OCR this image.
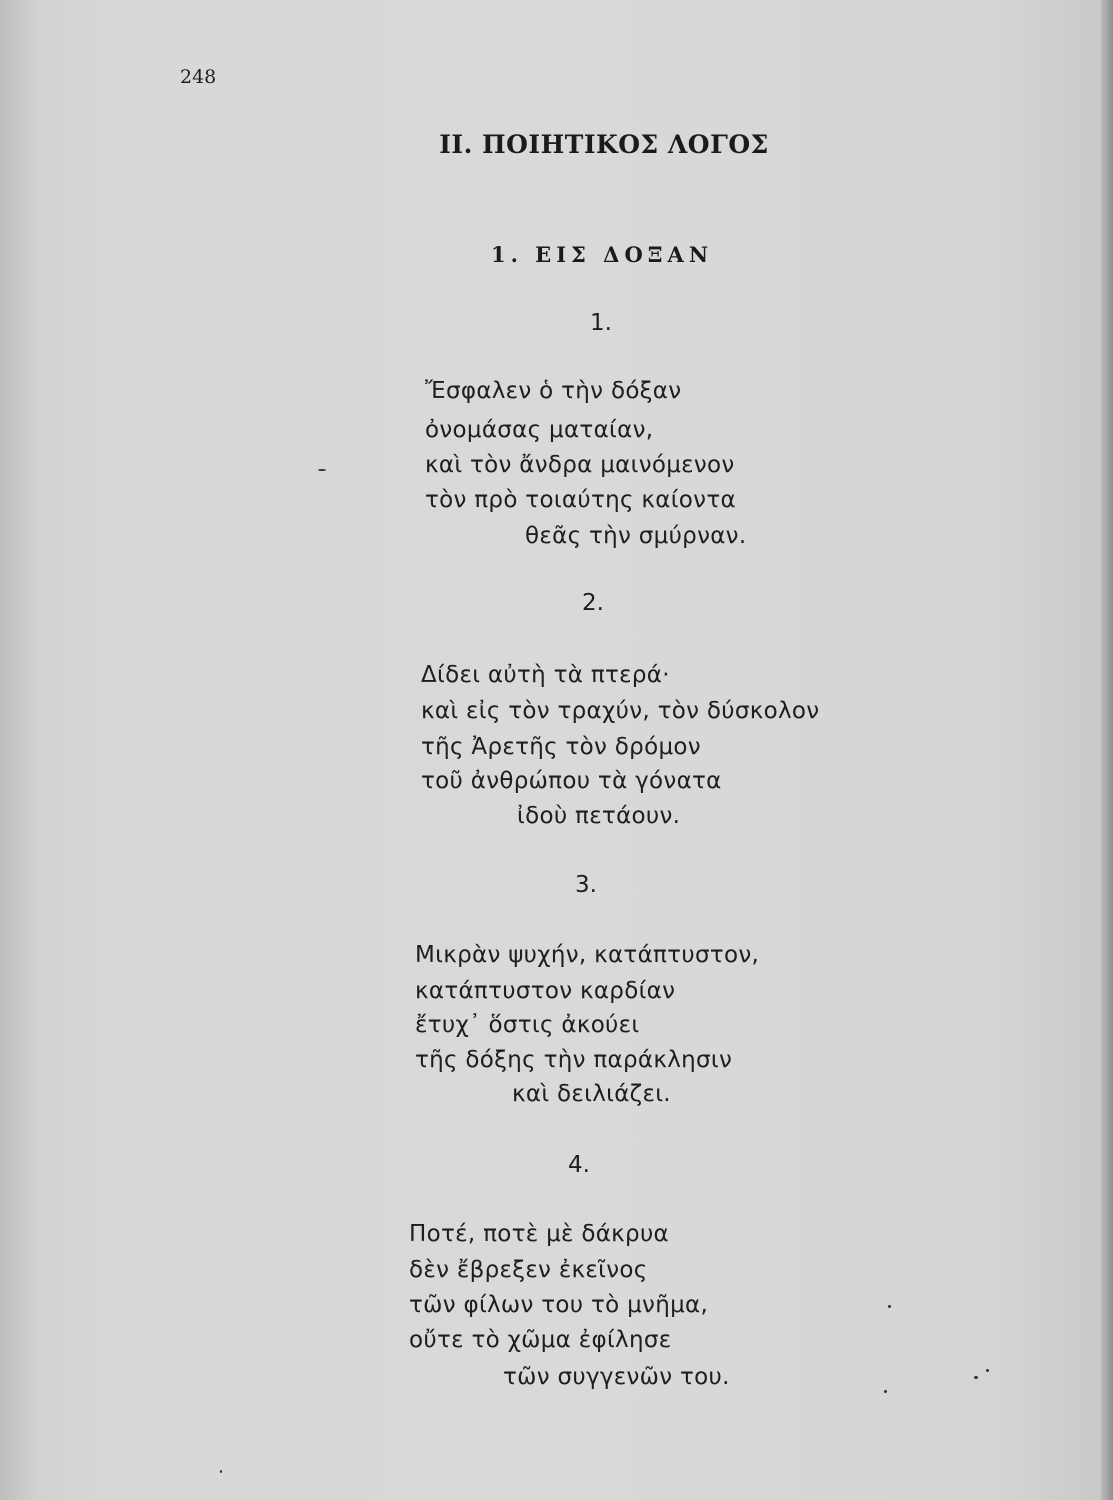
248
II. ΠΟΙΗΤΙΚΟΣ ΛΟΓΟΣ
1. ΕΙΣ ΔΟΞΑΝ
1.
Ἔσφαλεν ὁ τὴν δόξαν
ὀνομάσας ματαίαν,
καὶ τὸν ἄνδρα μαινόμενον
τὸν πρὸ τοιαύτης καίοντα
θεᾶς τὴν σμύρναν.
2.
Δίδει αὐτὴ τὰ πτερά·
καὶ εἰς τὸν τραχύν, τὸν δύσκολον
τῆς Ἀρετῆς τὸν δρόμον
τοῦ ἀνθρώπου τὰ γόνατα
ἰδοὺ πετάουν.
3.
Μικρὰν ψυχήν, κατάπτυστον,
κατάπτυστον καρδίαν
ἔτυχ᾽ ὅστις ἀκούει
τῆς δόξης τὴν παράκλησιν
καὶ δειλιάζει.
4.
Ποτέ, ποτὲ μὲ δάκρυα
δὲν ἔβρεξεν ἐκεῖνος
τῶν φίλων του τὸ μνῆμα,
οὔτε τὸ χῶμα ἐφίλησε
τῶν συγγενῶν του.
